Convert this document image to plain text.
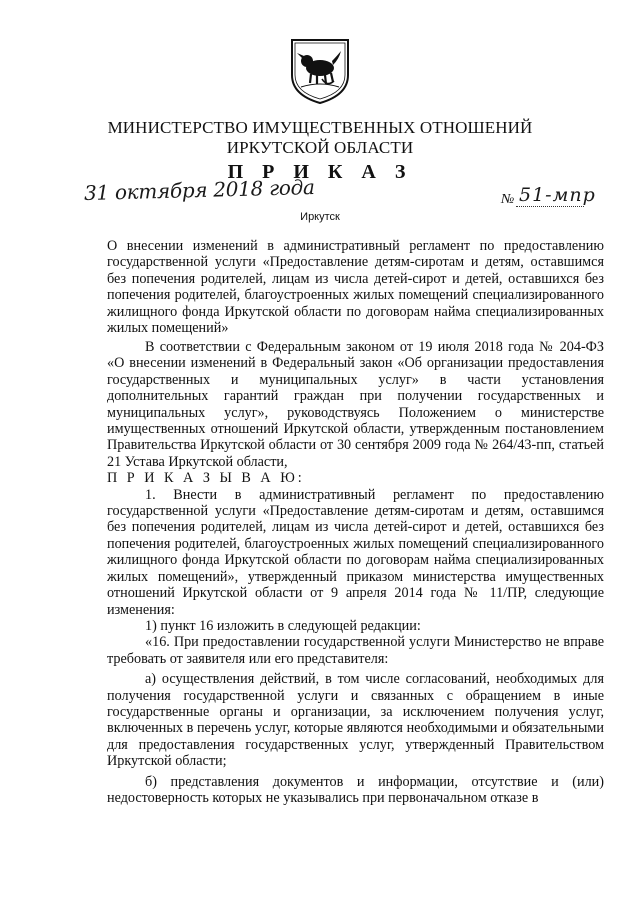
МИНИСТЕРСТВО ИМУЩЕСТВЕННЫХ ОТНОШЕНИЙ
ИРКУТСКОЙ ОБЛАСТИ
П Р И К А З
31 октября 2018 года	№ 51-мпр
Иркутск
О внесении изменений в административный регламент по предоставлению государственной услуги «Предоставление детям-сиротам и детям, оставшимся без попечения родителей, лицам из числа детей-сирот и детей, оставшихся без попечения родителей, благоустроенных жилых помещений специализированного жилищного фонда Иркутской области по договорам найма специализированных жилых помещений»

В соответствии с Федеральным законом от 19 июля 2018 года № 204-ФЗ «О внесении изменений в Федеральный закон «Об организации предоставления государственных и муниципальных услуг» в части установления дополнительных гарантий граждан при получении государственных и муниципальных услуг», руководствуясь Положением о министерстве имущественных отношений Иркутской области, утвержденным постановлением Правительства Иркутской области от 30 сентября 2009 года № 264/43-пп, статьей 21 Устава Иркутской области,

П Р И К А З Ы В А Ю:

1. Внести в административный регламент по предоставлению государственной услуги «Предоставление детям-сиротам и детям, оставшимся без попечения родителей, лицам из числа детей-сирот и детей, оставшихся без попечения родителей, благоустроенных жилых помещений специализированного жилищного фонда Иркутской области по договорам найма специализированных жилых помещений», утвержденный приказом министерства имущественных отношений Иркутской области от 9 апреля 2014 года № 11/ПР, следующие изменения:

1) пункт 16 изложить в следующей редакции:

«16. При предоставлении государственной услуги Министерство не вправе требовать от заявителя или его представителя:

а) осуществления действий, в том числе согласований, необходимых для получения государственной услуги и связанных с обращением в иные государственные органы и организации, за исключением получения услуг, включенных в перечень услуг, которые являются необходимыми и обязательными для предоставления государственных услуг, утвержденный Правительством Иркутской области;

б) представления документов и информации, отсутствие и (или) недостоверность которых не указывались при первоначальном отказе в
